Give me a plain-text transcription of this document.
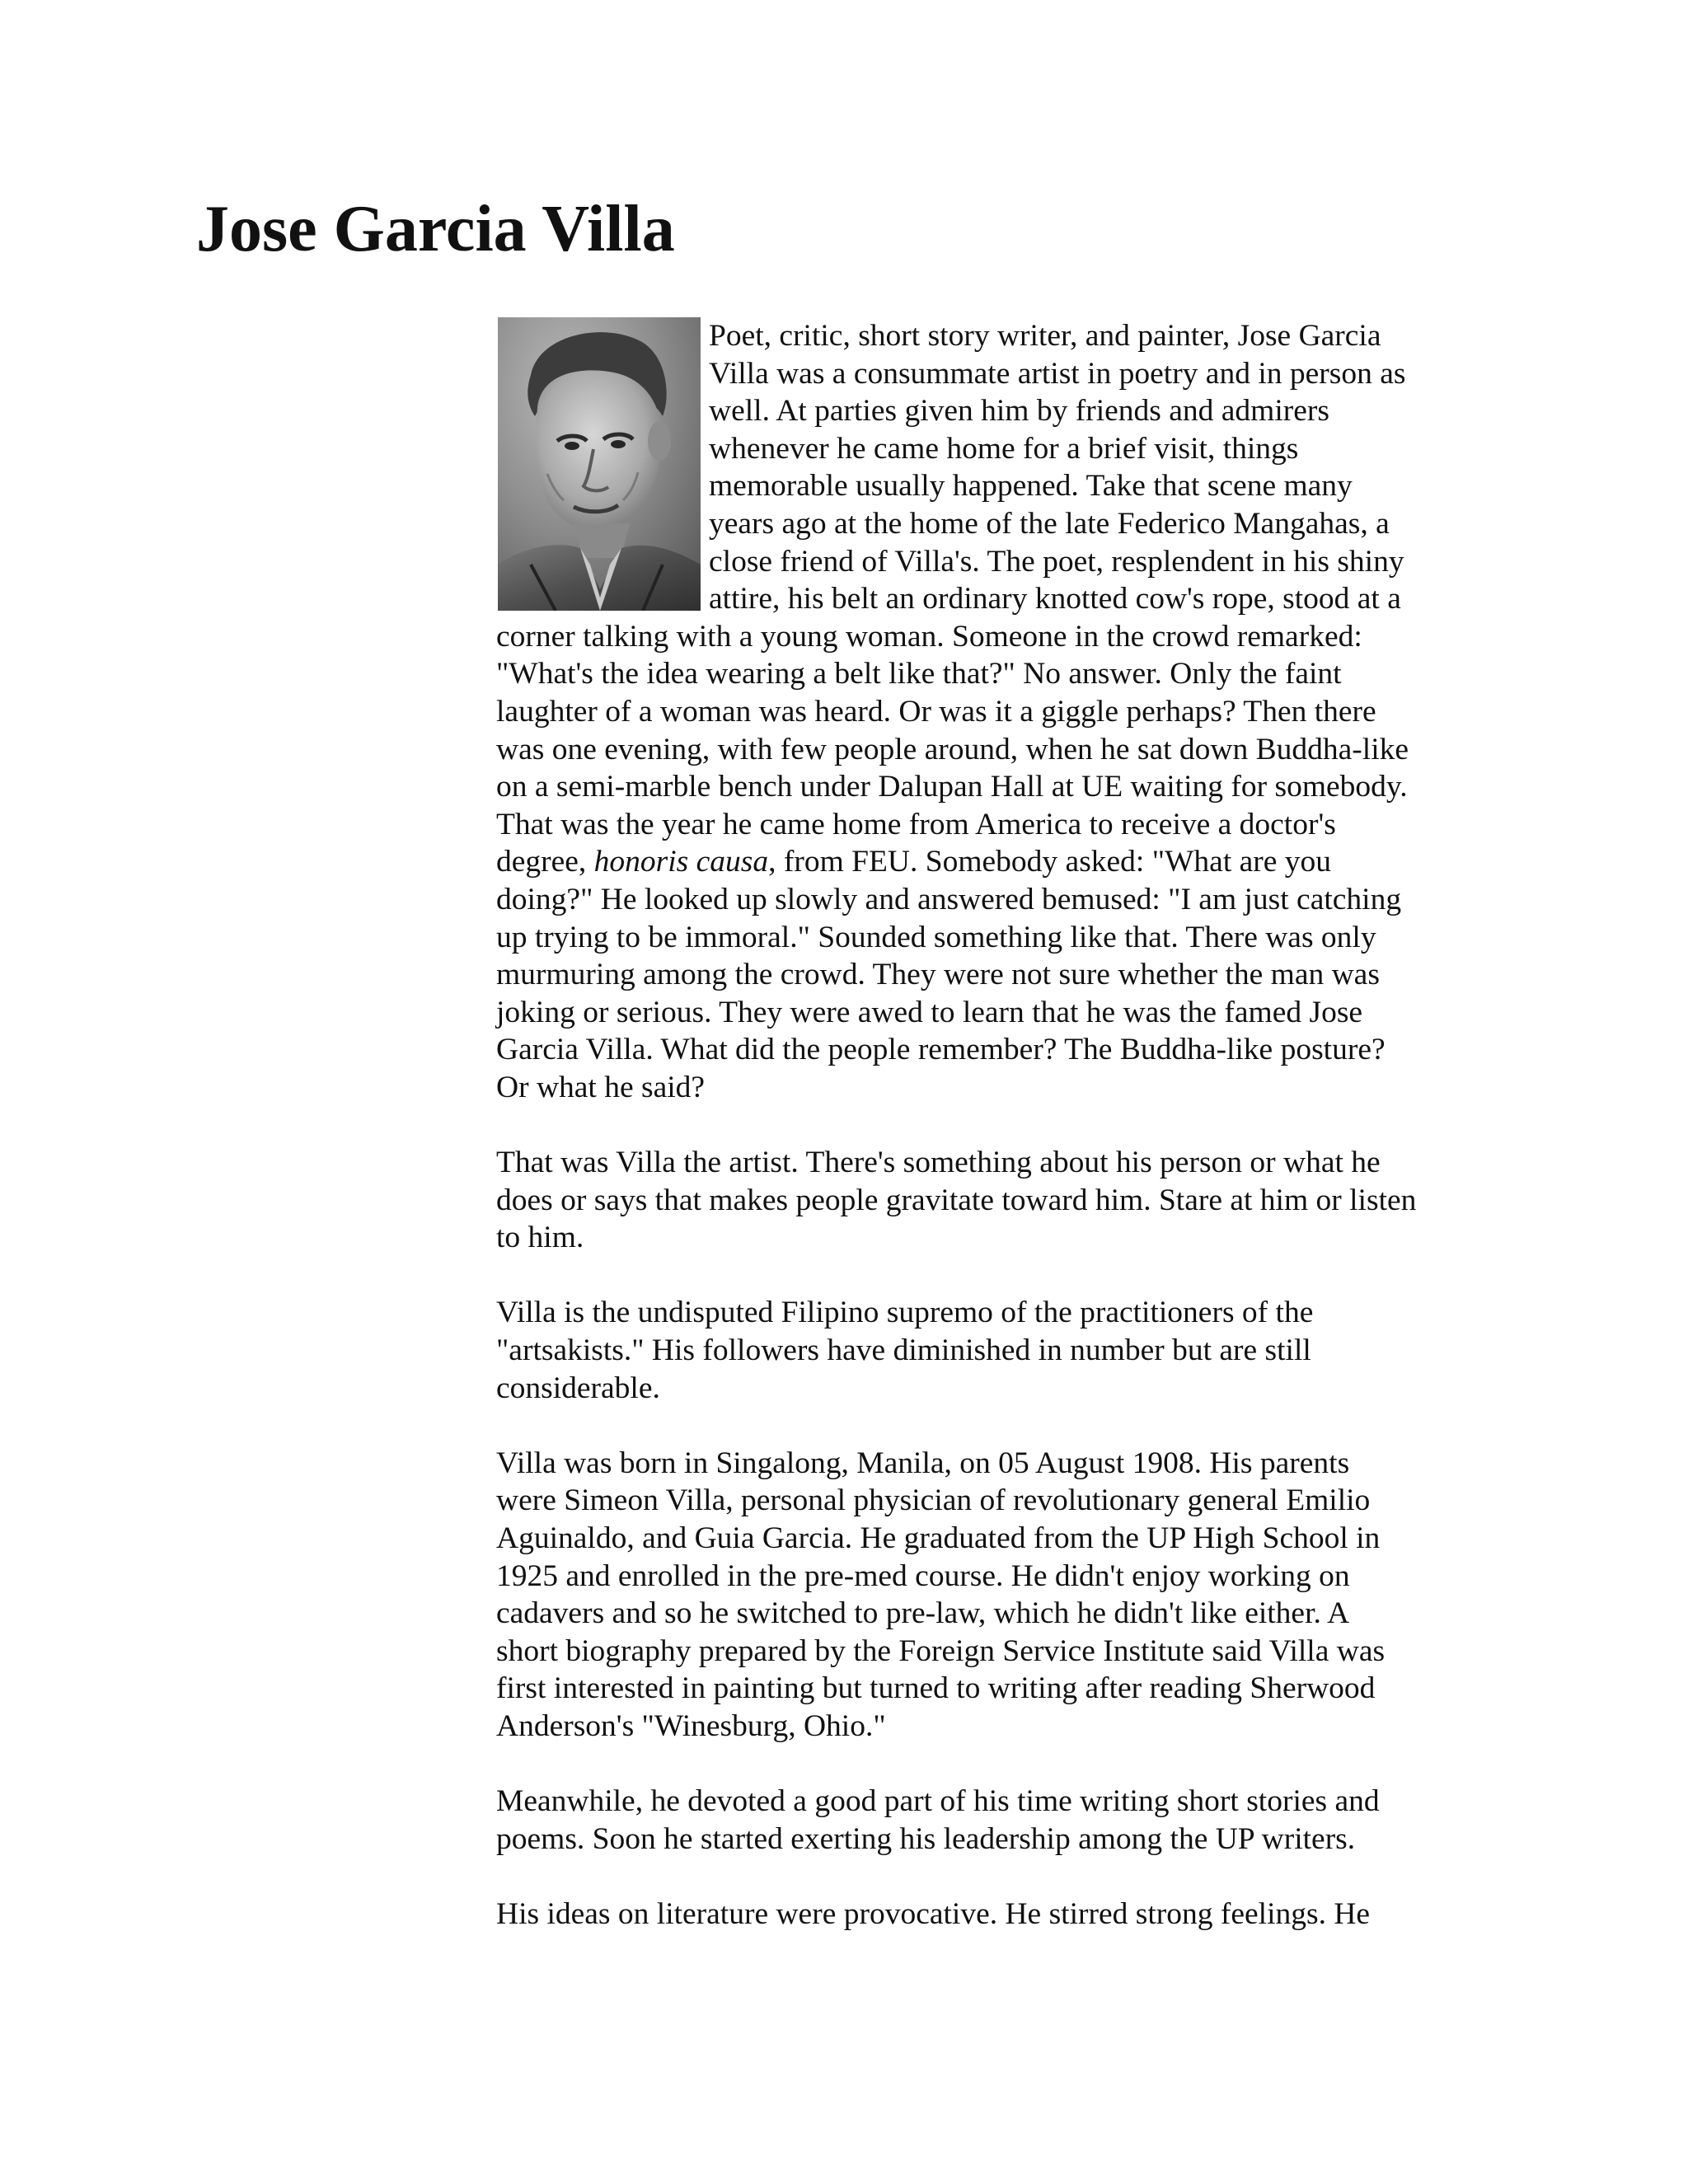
Jose Garcia Villa
Poet, critic, short story writer, and painter, Jose Garcia
Villa was a consummate artist in poetry and in person as
well. At parties given him by friends and admirers
whenever he came home for a brief visit, things
memorable usually happened. Take that scene many
years ago at the home of the late Federico Mangahas, a
close friend of Villa's. The poet, resplendent in his shiny
attire, his belt an ordinary knotted cow's rope, stood at a
corner talking with a young woman. Someone in the crowd remarked:
"What's the idea wearing a belt like that?" No answer. Only the faint
laughter of a woman was heard. Or was it a giggle perhaps? Then there
was one evening, with few people around, when he sat down Buddha-like
on a semi-marble bench under Dalupan Hall at UE waiting for somebody.
That was the year he came home from America to receive a doctor's
degree, honoris causa, from FEU. Somebody asked: "What are you
doing?" He looked up slowly and answered bemused: "I am just catching
up trying to be immoral." Sounded something like that. There was only
murmuring among the crowd. They were not sure whether the man was
joking or serious. They were awed to learn that he was the famed Jose
Garcia Villa. What did the people remember? The Buddha-like posture?
Or what he said?
That was Villa the artist. There's something about his person or what he
does or says that makes people gravitate toward him. Stare at him or listen
to him.
Villa is the undisputed Filipino supremo of the practitioners of the
"artsakists." His followers have diminished in number but are still
considerable.
Villa was born in Singalong, Manila, on 05 August 1908. His parents
were Simeon Villa, personal physician of revolutionary general Emilio
Aguinaldo, and Guia Garcia. He graduated from the UP High School in
1925 and enrolled in the pre-med course. He didn't enjoy working on
cadavers and so he switched to pre-law, which he didn't like either. A
short biography prepared by the Foreign Service Institute said Villa was
first interested in painting but turned to writing after reading Sherwood
Anderson's "Winesburg, Ohio."
Meanwhile, he devoted a good part of his time writing short stories and
poems. Soon he started exerting his leadership among the UP writers.
His ideas on literature were provocative. He stirred strong feelings. He
